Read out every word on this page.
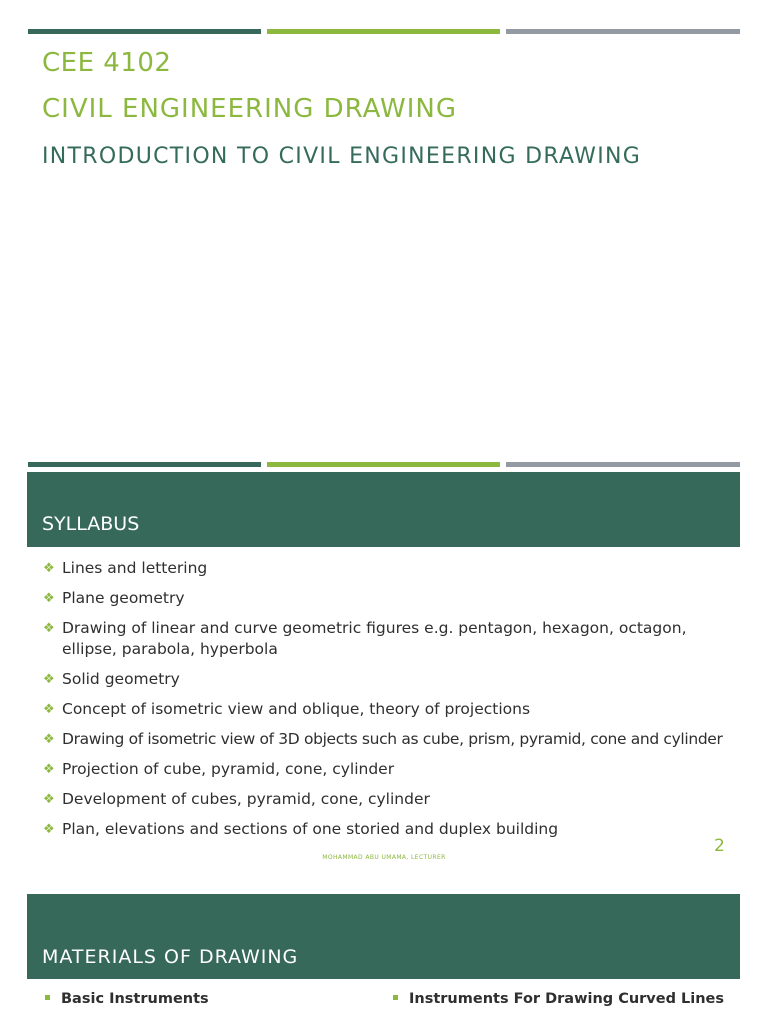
CEE 4102
CIVIL ENGINEERING DRAWING
INTRODUCTION TO CIVIL ENGINEERING DRAWING
SYLLABUS
❖ Lines and lettering
❖ Plane geometry
❖ Drawing of linear and curve geometric figures e.g. pentagon, hexagon, octagon, ellipse, parabola, hyperbola
❖ Solid geometry
❖ Concept of isometric view and oblique, theory of projections
❖ Drawing of isometric view of 3D objects such as cube, prism, pyramid, cone and cylinder
❖ Projection of cube, pyramid, cone, cylinder
❖ Development of cubes, pyramid, cone, cylinder
❖ Plan, elevations and sections of one storied and duplex building
2
MOHAMMAD ABU UMAMA, LECTURER
MATERIALS OF DRAWING
Basic Instruments	Instruments For Drawing Curved Lines
